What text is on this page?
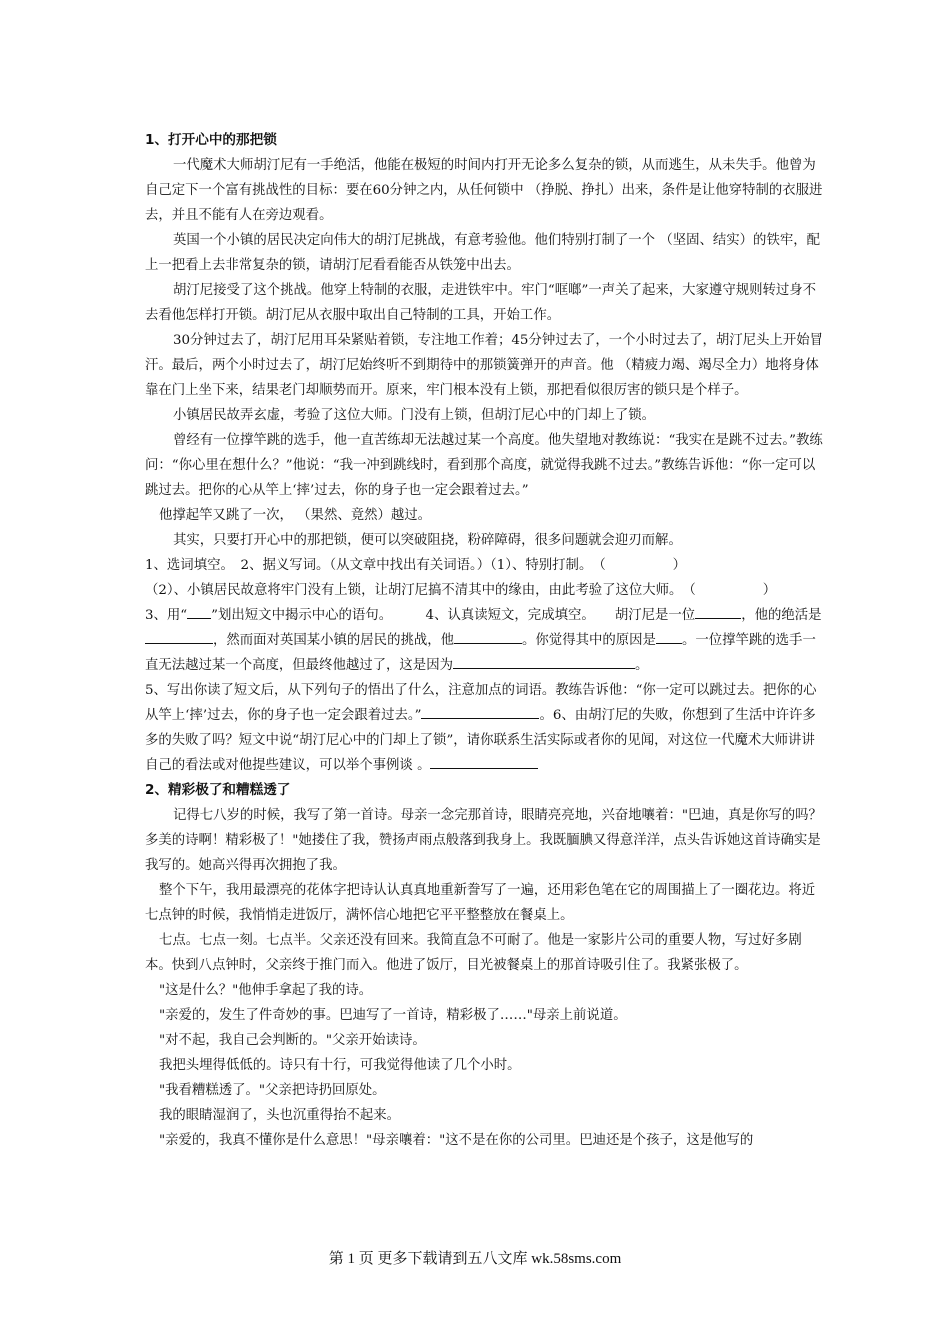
1、打开心中的那把锁

一代魔术大师胡汀尼有一手绝活，他能在极短的时间内打开无论多么复杂的锁，从而逃生，从未失手。他曾为自己定下一个富有挑战性的目标：要在60分钟之内，从任何锁中 （挣脱、挣扎）出来，条件是让他穿特制的衣服进去，并且不能有人在旁边观看。

英国一个小镇的居民决定向伟大的胡汀尼挑战，有意考验他。他们特别打制了一个 （坚固、结实）的铁牢，配上一把看上去非常复杂的锁，请胡汀尼看看能否从铁笼中出去。

胡汀尼接受了这个挑战。他穿上特制的衣服，走进铁牢中。牢门“哐啷”一声关了起来，大家遵守规则转过身不去看他怎样打开锁。胡汀尼从衣服中取出自己特制的工具，开始工作。

30分钟过去了，胡汀尼用耳朵紧贴着锁，专注地工作着；45分钟过去了，一个小时过去了，胡汀尼头上开始冒汗。最后，两个小时过去了，胡汀尼始终听不到期待中的那锁簧弹开的声音。他 （精疲力竭、竭尽全力）地将身体靠在门上坐下来，结果老门却顺势而开。原来，牢门根本没有上锁，那把看似很厉害的锁只是个样子。

小镇居民故弄玄虚，考验了这位大师。门没有上锁，但胡汀尼心中的门却上了锁。

曾经有一位撑竿跳的选手，他一直苦练却无法越过某一个高度。他失望地对教练说：“我实在是跳不过去。”教练问：“你心里在想什么？”他说：“我一冲到跳线时，看到那个高度，就觉得我跳不过去。”教练告诉他：“你一定可以跳过去。把你的心从竿上‘摔’过去，你的身子也一定会跟着过去。”

他撑起竿又跳了一次， （果然、竟然）越过。

其实，只要打开心中的那把锁，便可以突破阻挠，粉碎障碍，很多问题就会迎刃而解。

1、选词填空。　2、据义写词。（从文章中找出有关词语。）（1）、特别打制。　（　　　　　）

（2）、小镇居民故意将牢门没有上锁，让胡汀尼搞不清其中的缘由，由此考验了这位大师。　（　　　　　）

3、用“ ”划出短文中揭示中心的语句。　　　4、认真读短文，完成填空。　　胡汀尼是一位	，他的绝活是，然而面对英国某小镇的居民的挑战，他	。你觉得其中的原因是 。一位撑竿跳的选手一直无法越过某一个高度，但最终他越过了，这是因为	。

5、写出你读了短文后，从下列句子的悟出了什么，注意加点的词语。教练告诉他：“你一定可以跳过去。把你的心从竿上‘摔’过去，你的身子也一定会跟着过去。”	。6、由胡汀尼的失败，你想到了生活中许许多多的失败了吗？短文中说“胡汀尼心中的门却上了锁”，请你联系生活实际或者你的见闻，对这位一代魔术大师讲讲自己的看法或对他提些建议，可以举个事例谈 。

2、精彩极了和糟糕透了

记得七八岁的时候，我写了第一首诗。母亲一念完那首诗，眼睛亮亮地，兴奋地嚷着："巴迪，真是你写的吗？多美的诗啊！精彩极了！"她搂住了我，赞扬声雨点般落到我身上。我既腼腆又得意洋洋，点头告诉她这首诗确实是我写的。她高兴得再次拥抱了我。

整个下午，我用最漂亮的花体字把诗认认真真地重新誊写了一遍，还用彩色笔在它的周围描上了一圈花边。将近七点钟的时候，我悄悄走进饭厅，满怀信心地把它平平整整放在餐桌上。

七点。七点一刻。七点半。父亲还没有回来。我简直急不可耐了。他是一家影片公司的重要人物，写过好多剧本。快到八点钟时，父亲终于推门而入。他进了饭厅，目光被餐桌上的那首诗吸引住了。我紧张极了。

"这是什么？"他伸手拿起了我的诗。

"亲爱的，发生了件奇妙的事。巴迪写了一首诗，精彩极了……"母亲上前说道。

"对不起，我自己会判断的。"父亲开始读诗。

我把头埋得低低的。诗只有十行，可我觉得他读了几个小时。

"我看糟糕透了。"父亲把诗扔回原处。

我的眼睛湿润了，头也沉重得抬不起来。

"亲爱的，我真不懂你是什么意思！"母亲嚷着："这不是在你的公司里。巴迪还是个孩子，这是他写的

第 1 页 更多下载请到五八文库 wk.58sms.com
